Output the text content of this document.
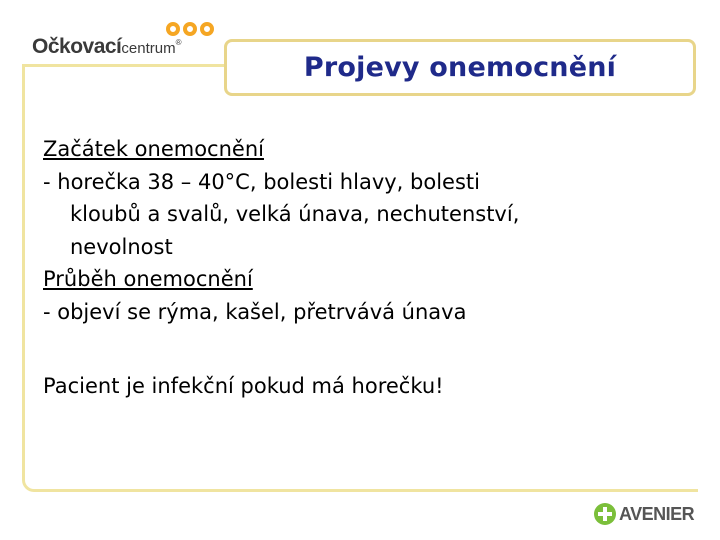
Očkovacícentrum®
Projevy onemocnění

Začátek onemocnění

- horečka 38 – 40°C, bolesti hlavy, bolesti

kloubů a svalů, velká únava, nechutenství,

nevolnost

Průběh onemocnění

- objeví se rýma, kašel, přetrvává únava

Pacient je infekční pokud má horečku!

AVENIER
